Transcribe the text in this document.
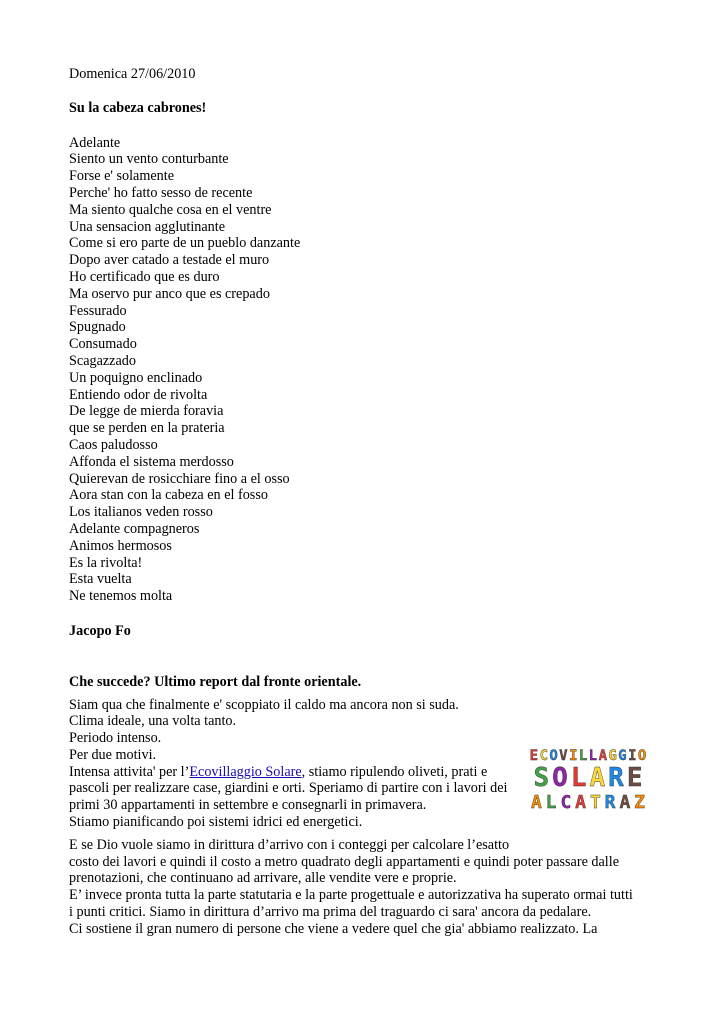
Domenica 27/06/2010
Su la cabeza cabrones!
Adelante
Siento un vento conturbante
Forse e' solamente
Perche' ho fatto sesso de recente
Ma siento qualche cosa en el ventre
Una sensacion agglutinante
Come si ero parte de un pueblo danzante
Dopo aver catado a testade el muro
Ho certificado que es duro
Ma oservo pur anco que es crepado
Fessurado
Spugnado
Consumado
Scagazzado
Un poquigno enclinado
Entiendo odor de rivolta
De legge de mierda foravia
que se perden en la prateria
Caos paludosso
Affonda el sistema merdosso
Quierevan de rosicchiare fino a el osso
Aora stan con la cabeza en el fosso
Los italianos veden rosso
Adelante compagneros
Animos hermosos
Es la rivolta!
Esta vuelta
Ne tenemos molta
Jacopo Fo
Che succede? Ultimo report dal fronte orientale.
Siam qua che finalmente e' scoppiato il caldo ma ancora non si suda.
Clima ideale, una volta tanto.
Periodo intenso.
Per due motivi.
Intensa attivita' per l’Ecovillaggio Solare, stiamo ripulendo oliveti, prati e
pascoli per realizzare case, giardini e orti. Speriamo di partire con i lavori dei
primi 30 appartamenti in settembre e consegnarli in primavera.
Stiamo pianificando poi sistemi idrici ed energetici.
E C O V I L L A G G I O
S O L A R E
A L C A T R A Z
E se Dio vuole siamo in dirittura d’arrivo con i conteggi per calcolare l’esatto
costo dei lavori e quindi il costo a metro quadrato degli appartamenti e quindi poter passare dalle
prenotazioni, che continuano ad arrivare, alle vendite vere e proprie.
E’ invece pronta tutta la parte statutaria e la parte progettuale e autorizzativa ha superato ormai tutti
i punti critici. Siamo in dirittura d’arrivo ma prima del traguardo ci sara' ancora da pedalare.
Ci sostiene il gran numero di persone che viene a vedere quel che gia' abbiamo realizzato. La
